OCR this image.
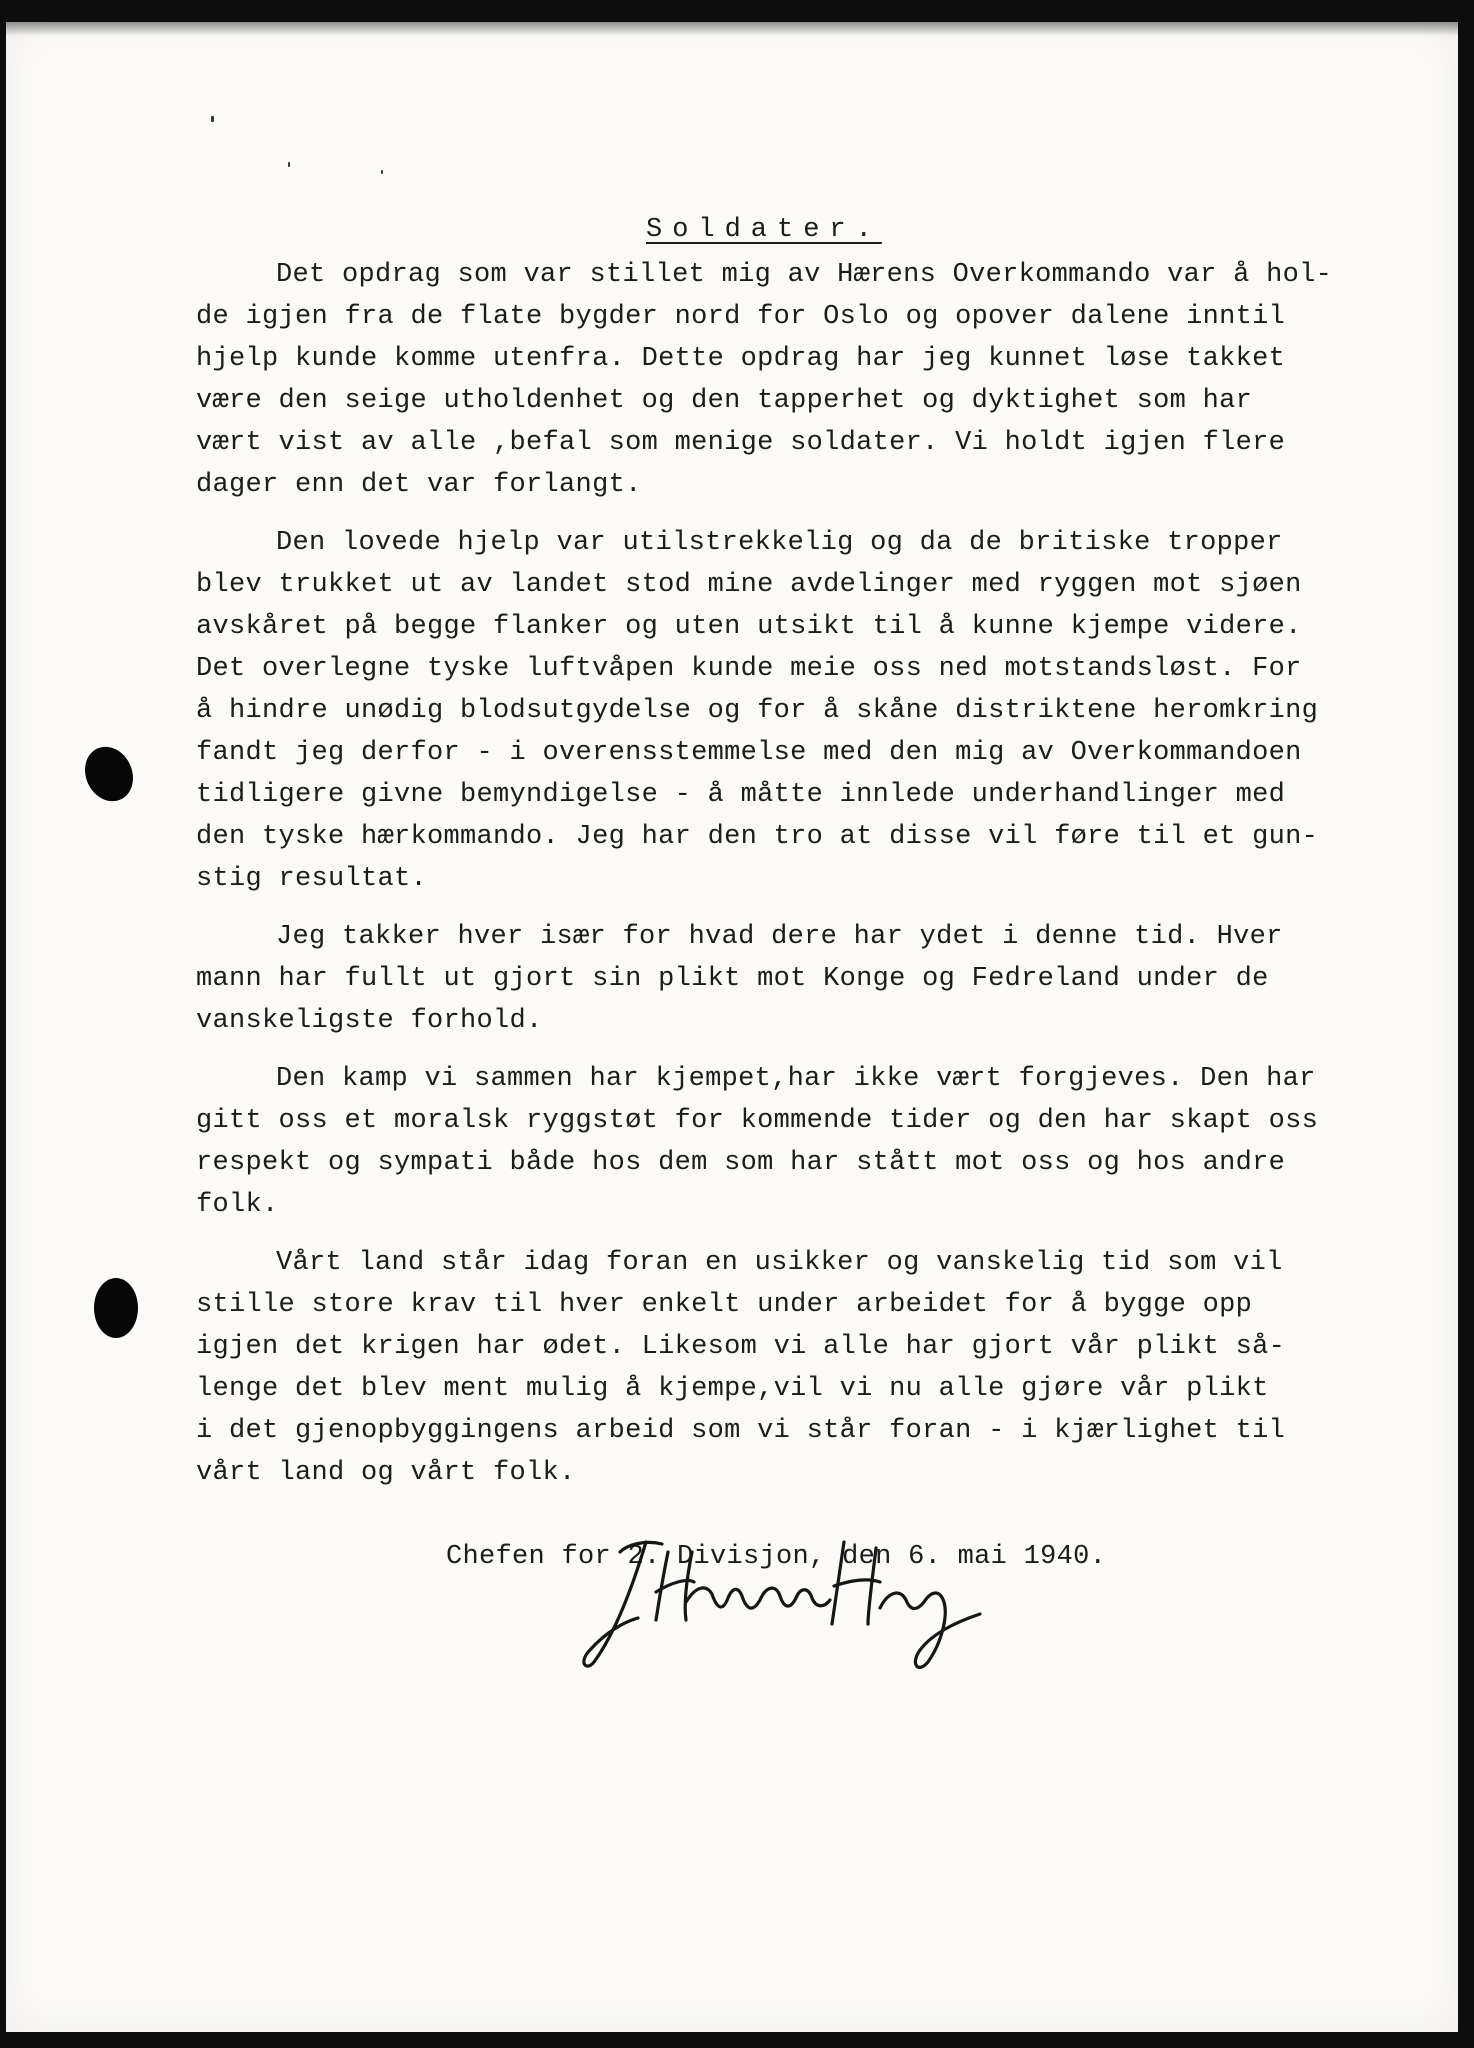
Soldater.
Det opdrag som var stillet mig av Hærens Overkommando var å hol-
de igjen fra de flate bygder nord for Oslo og opover dalene inntil
hjelp kunde komme utenfra. Dette opdrag har jeg kunnet løse takket
være den seige utholdenhet og den tapperhet og dyktighet som har
vært vist av alle ,befal som menige soldater. Vi holdt igjen flere
dager enn det var forlangt.
Den lovede hjelp var utilstrekkelig og da de britiske tropper
blev trukket ut av landet stod mine avdelinger med ryggen mot sjøen
avskåret på begge flanker og uten utsikt til å kunne kjempe videre.
Det overlegne tyske luftvåpen kunde meie oss ned motstandsløst. For
å hindre unødig blodsutgydelse og for å skåne distriktene heromkring
fandt jeg derfor - i overensstemmelse med den mig av Overkommandoen
tidligere givne bemyndigelse - å måtte innlede underhandlinger med
den tyske hærkommando. Jeg har den tro at disse vil føre til et gun-
stig resultat.
Jeg takker hver især for hvad dere har ydet i denne tid. Hver
mann har fullt ut gjort sin plikt mot Konge og Fedreland under de
vanskeligste forhold.
Den kamp vi sammen har kjempet,har ikke vært forgjeves. Den har
gitt oss et moralsk ryggstøt for kommende tider og den har skapt oss
respekt og sympati både hos dem som har stått mot oss og hos andre
folk.
Vårt land står idag foran en usikker og vanskelig tid som vil
stille store krav til hver enkelt under arbeidet for å bygge opp
igjen det krigen har ødet. Likesom vi alle har gjort vår plikt så-
lenge det blev ment mulig å kjempe,vil vi nu alle gjøre vår plikt
i det gjenopbyggingens arbeid som vi står foran - i kjærlighet til
vårt land og vårt folk.
Chefen for 2. Divisjon, den 6. mai 1940.
